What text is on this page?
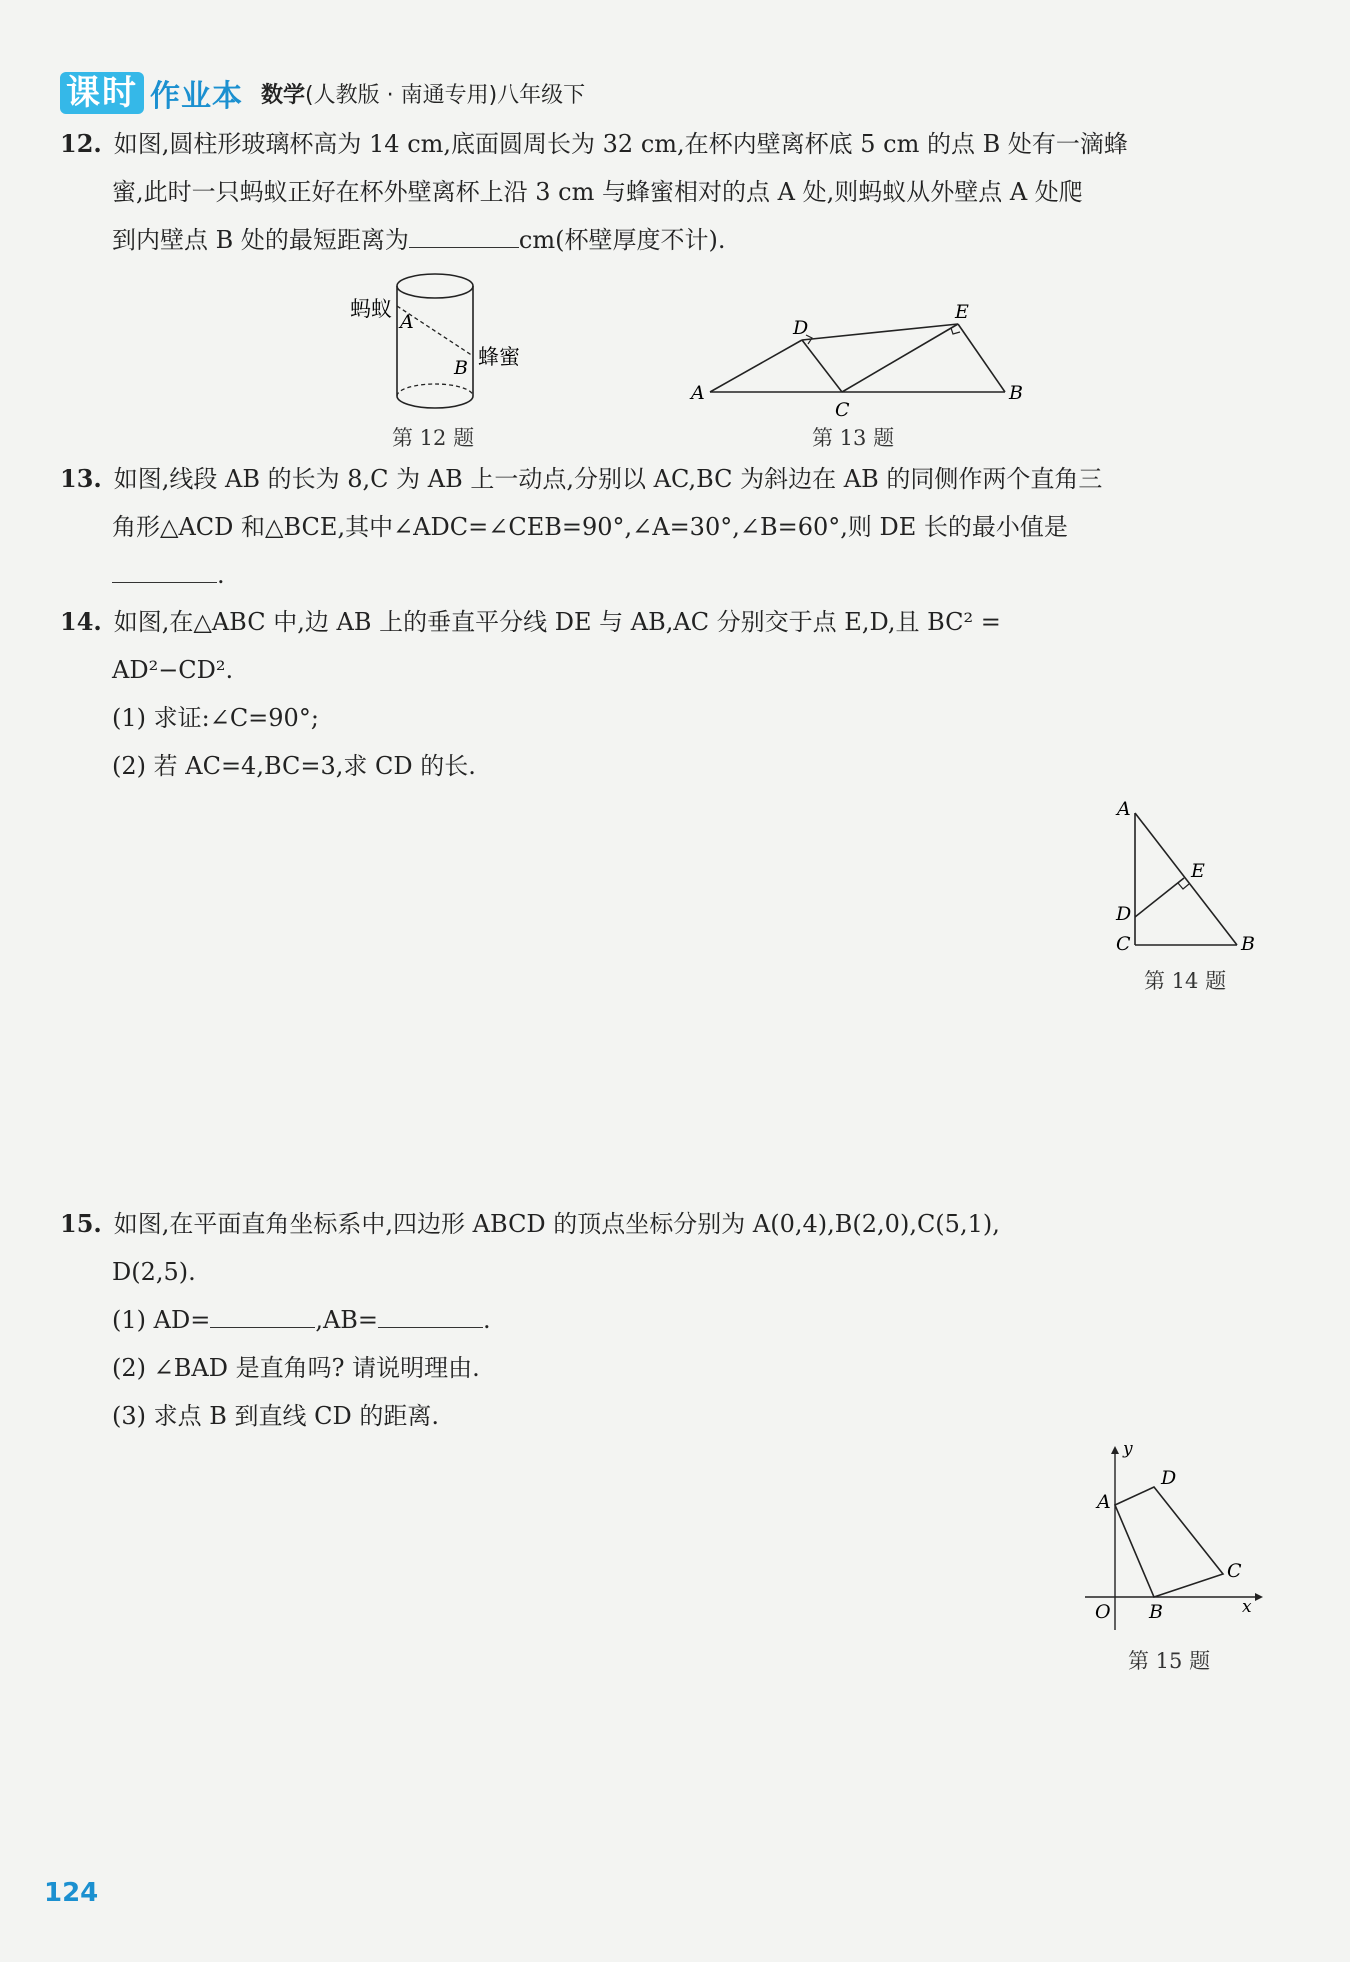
课时 作业本 数学(人教版 · 南通专用)八年级下
12. 如图,圆柱形玻璃杯高为 14 cm,底面圆周长为 32 cm,在杯内壁离杯底 5 cm 的点 B 处有一滴蜂
蜜,此时一只蚂蚁正好在杯外壁离杯上沿 3 cm 与蜂蜜相对的点 A 处,则蚂蚁从外壁点 A 处爬
到内壁点 B 处的最短距离为	cm(杯壁厚度不计).
蚂蚁
A
B 蜂蜜
第 12 题
A	B
C
D
E
第 13 题
13. 如图,线段 AB 的长为 8,C 为 AB 上一动点,分别以 AC,BC 为斜边在 AB 的同侧作两个直角三
角形△ACD 和△BCE,其中∠ADC=∠CEB=90°,∠A=30°,∠B=60°,则 DE 长的最小值是
.
14. 如图,在△ABC 中,边 AB 上的垂直平分线 DE 与 AB,AC 分别交于点 E,D,且 BC² =
AD²−CD².
(1) 求证:∠C=90°;
(2) 若 AC=4,BC=3,求 CD 的长.
A
E
D
C	B
第 14 题
15. 如图,在平面直角坐标系中,四边形 ABCD 的顶点坐标分别为 A(0,4),B(2,0),C(5,1),
D(2,5).
(1) AD=	,AB=	.
(2) ∠BAD 是直角吗? 请说明理由.
(3) 求点 B 到直线 CD 的距离.
y
x
O
A
B
C
D
第 15 题
124
